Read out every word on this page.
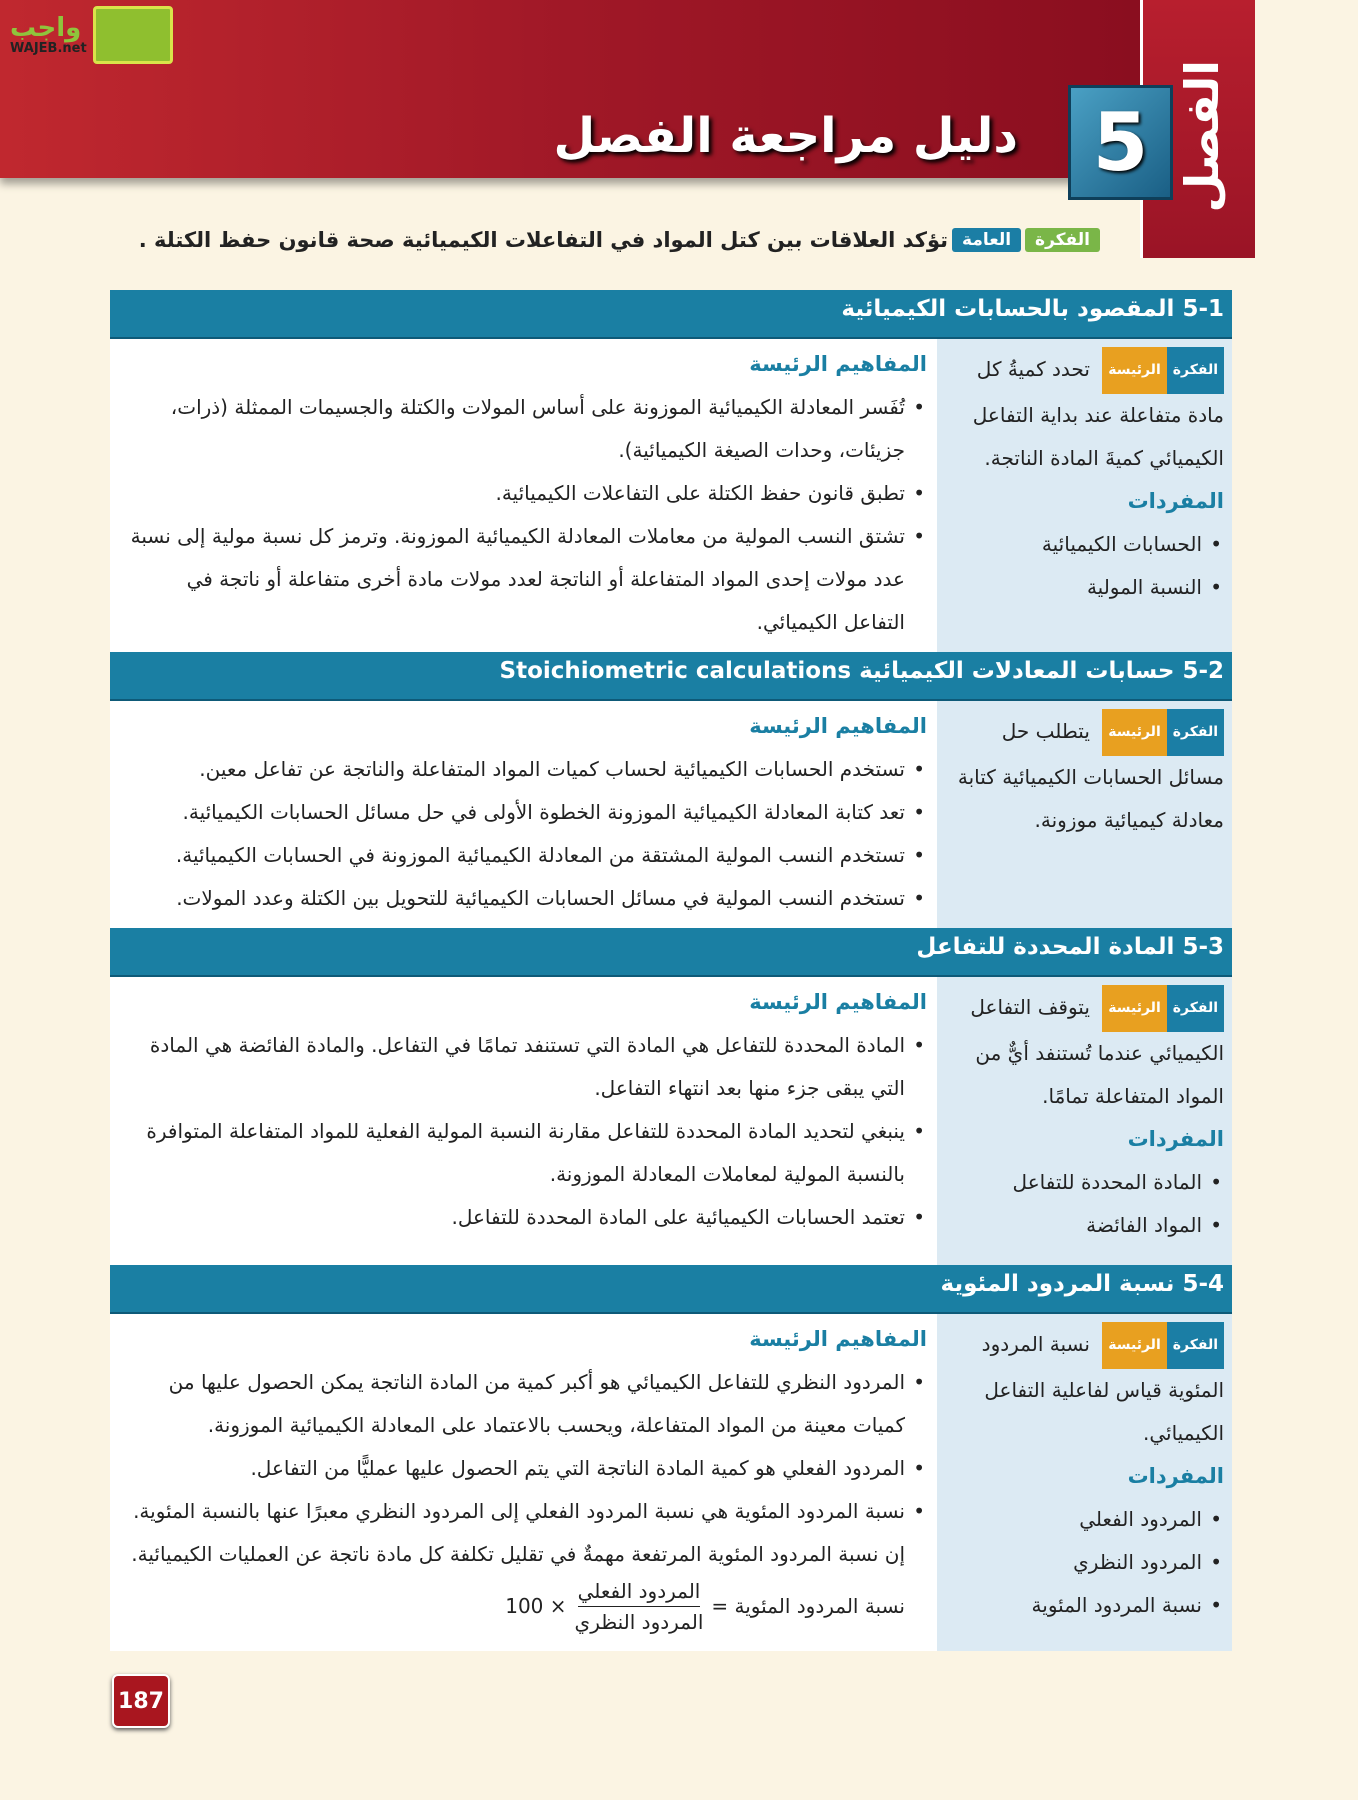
الفصل
5
دليل مراجعة الفصل
واجب
WAJEB.net
الفكرة
العامة
تؤكد العلاقات بين كتل المواد في التفاعلات الكيميائية صحة قانون حفظ الكتلة .
5-1 المقصود بالحسابات الكيميائية
الفكرة
الرئيسة
تحدد كميةُ كل مادة متفاعلة عند بداية التفاعل الكيميائي كميةَ المادة الناتجة.
المفردات
• الحسابات الكيميائية
• النسبة المولية
المفاهيم الرئيسة
• تُفَسر المعادلة الكيميائية الموزونة على أساس المولات والكتلة والجسيمات الممثلة (ذرات، جزيئات، وحدات الصيغة الكيميائية).
• تطبق قانون حفظ الكتلة على التفاعلات الكيميائية.
• تشتق النسب المولية من معاملات المعادلة الكيميائية الموزونة. وترمز كل نسبة مولية إلى نسبة عدد مولات إحدى المواد المتفاعلة أو الناتجة لعدد مولات مادة أخرى متفاعلة أو ناتجة في التفاعل الكيميائي.
5-2 حسابات المعادلات الكيميائية Stoichiometric calculations
الفكرة
الرئيسة
يتطلب حل مسائل الحسابات الكيميائية كتابة معادلة كيميائية موزونة.
المفاهيم الرئيسة
• تستخدم الحسابات الكيميائية لحساب كميات المواد المتفاعلة والناتجة عن تفاعل معين.
• تعد كتابة المعادلة الكيميائية الموزونة الخطوة الأولى في حل مسائل الحسابات الكيميائية.
• تستخدم النسب المولية المشتقة من المعادلة الكيميائية الموزونة في الحسابات الكيميائية.
• تستخدم النسب المولية في مسائل الحسابات الكيميائية للتحويل بين الكتلة وعدد المولات.
5-3 المادة المحددة للتفاعل
الفكرة
الرئيسة
يتوقف التفاعل الكيميائي عندما تُستنفد أيٌّ من المواد المتفاعلة تمامًا.
المفردات
• المادة المحددة للتفاعل
• المواد الفائضة
المفاهيم الرئيسة
• المادة المحددة للتفاعل هي المادة التي تستنفد تمامًا في التفاعل. والمادة الفائضة هي المادة التي يبقى جزء منها بعد انتهاء التفاعل.
• ينبغي لتحديد المادة المحددة للتفاعل مقارنة النسبة المولية الفعلية للمواد المتفاعلة المتوافرة بالنسبة المولية لمعاملات المعادلة الموزونة.
• تعتمد الحسابات الكيميائية على المادة المحددة للتفاعل.
5-4 نسبة المردود المئوية
الفكرة
الرئيسة
نسبة المردود المئوية قياس لفاعلية التفاعل الكيميائي.
المفردات
• المردود الفعلي
• المردود النظري
• نسبة المردود المئوية
المفاهيم الرئيسة
• المردود النظري للتفاعل الكيميائي هو أكبر كمية من المادة الناتجة يمكن الحصول عليها من كميات معينة من المواد المتفاعلة، ويحسب بالاعتماد على المعادلة الكيميائية الموزونة.
• المردود الفعلي هو كمية المادة الناتجة التي يتم الحصول عليها عمليًّا من التفاعل.
• نسبة المردود المئوية هي نسبة المردود الفعلي إلى المردود النظري معبرًا عنها بالنسبة المئوية. إن نسبة المردود المئوية المرتفعة مهمةٌ في تقليل تكلفة كل مادة ناتجة عن العمليات الكيميائية.
نسبة المردود المئوية =
$\frac{\text{المردود الفعلي}}{\text{المردود النظري}}$
× 100
187
